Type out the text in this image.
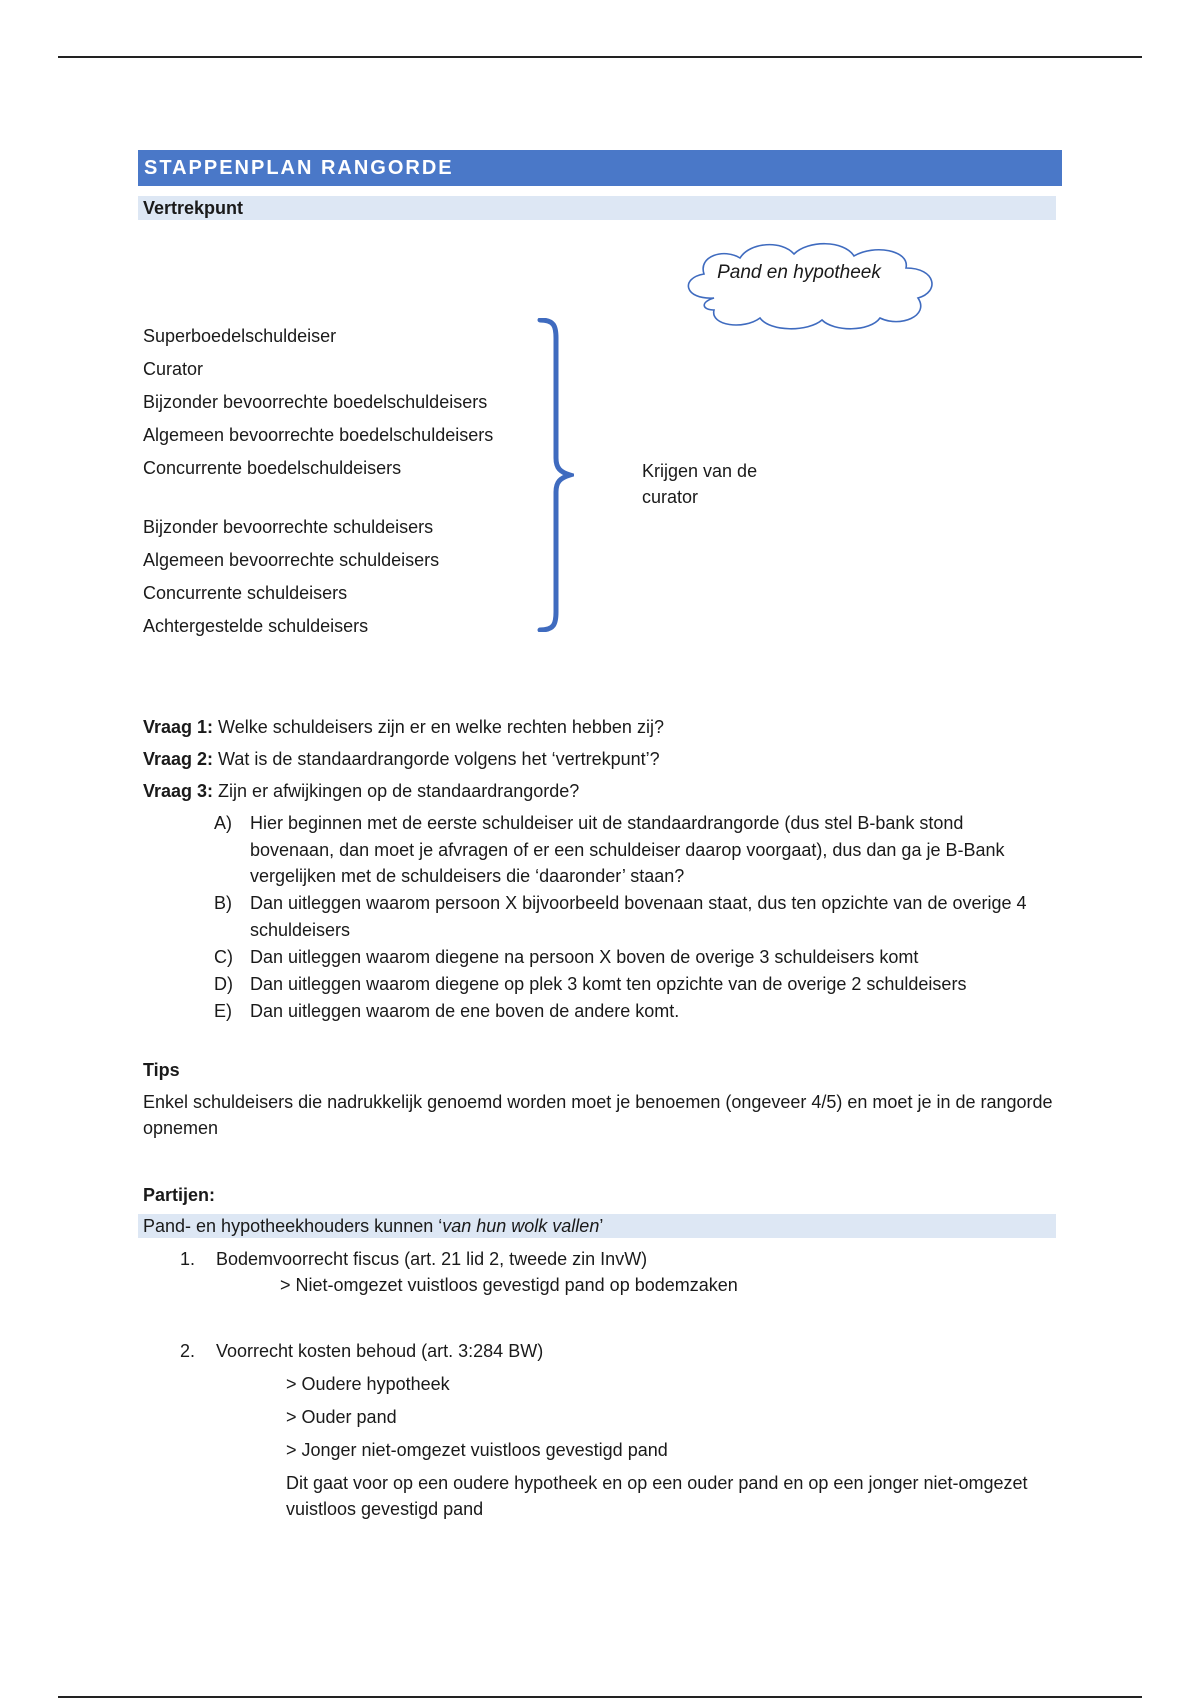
STAPPENPLAN RANGORDE
Vertrekpunt
Pand en hypotheek
Superboedelschuldeiser
Curator
Bijzonder bevoorrechte boedelschuldeisers
Algemeen bevoorrechte boedelschuldeisers
Concurrente boedelschuldeisers
Bijzonder bevoorrechte schuldeisers
Algemeen bevoorrechte schuldeisers
Concurrente schuldeisers
Achtergestelde schuldeisers
Krijgen van de curator
Vraag 1: Welke schuldeisers zijn er en welke rechten hebben zij?
Vraag 2: Wat is de standaardrangorde volgens het ‘vertrekpunt’?
Vraag 3: Zijn er afwijkingen op de standaardrangorde?
A) Hier beginnen met de eerste schuldeiser uit de standaardrangorde (dus stel B-bank stond bovenaan, dan moet je afvragen of er een schuldeiser daarop voorgaat), dus dan ga je B-Bank vergelijken met de schuldeisers die ‘daaronder’ staan?
B) Dan uitleggen waarom persoon X bijvoorbeeld bovenaan staat, dus ten opzichte van de overige 4 schuldeisers
C) Dan uitleggen waarom diegene na persoon X boven de overige 3 schuldeisers komt
D) Dan uitleggen waarom diegene op plek 3 komt ten opzichte van de overige 2 schuldeisers
E) Dan uitleggen waarom de ene boven de andere komt.
Tips
Enkel schuldeisers die nadrukkelijk genoemd worden moet je benoemen (ongeveer 4/5) en moet je in de rangorde opnemen
Partijen:
Pand- en hypotheekhouders kunnen ‘van hun wolk vallen’
1. Bodemvoorrecht fiscus (art. 21 lid 2, tweede zin InvW)
> Niet-omgezet vuistloos gevestigd pand op bodemzaken
2. Voorrecht kosten behoud (art. 3:284 BW)
> Oudere hypotheek
> Ouder pand
> Jonger niet-omgezet vuistloos gevestigd pand
Dit gaat voor op een oudere hypotheek en op een ouder pand en op een jonger niet-omgezet vuistloos gevestigd pand
